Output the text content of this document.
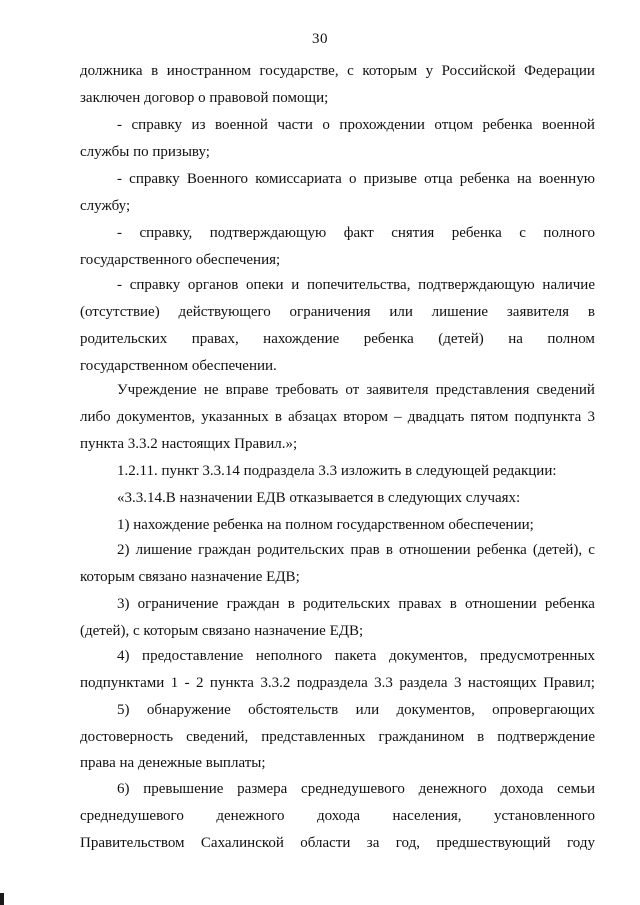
30
должника в иностранном государстве, с которым у Российской Федерации
заключен договор о правовой помощи;
- справку из военной части о прохождении отцом ребенка военной
службы по призыву;
- справку Военного комиссариата о призыве отца ребенка на военную
службу;
- справку, подтверждающую факт снятия ребенка с полного
государственного обеспечения;
- справку органов опеки и попечительства, подтверждающую наличие
(отсутствие) действующего ограничения или лишение заявителя в
родительских правах, нахождение ребенка (детей) на полном
государственном обеспечении.
Учреждение не вправе требовать от заявителя представления сведений
либо документов, указанных в абзацах втором – двадцать пятом подпункта 3
пункта 3.3.2 настоящих Правил.»;
1.2.11. пункт 3.3.14 подраздела 3.3 изложить в следующей редакции:
«3.3.14.В назначении ЕДВ отказывается в следующих случаях:
1) нахождение ребенка на полном государственном обеспечении;
2) лишение граждан родительских прав в отношении ребенка (детей), с
которым связано назначение ЕДВ;
3) ограничение граждан в родительских правах в отношении ребенка
(детей), с которым связано назначение ЕДВ;
4) предоставление неполного пакета документов, предусмотренных
подпунктами 1 - 2 пункта 3.3.2 подраздела 3.3 раздела 3 настоящих Правил;
5) обнаружение обстоятельств или документов, опровергающих
достоверность сведений, представленных гражданином в подтверждение
права на денежные выплаты;
6) превышение размера среднедушевого денежного дохода семьи
среднедушевого денежного дохода населения, установленного
Правительством Сахалинской области за год, предшествующий году
